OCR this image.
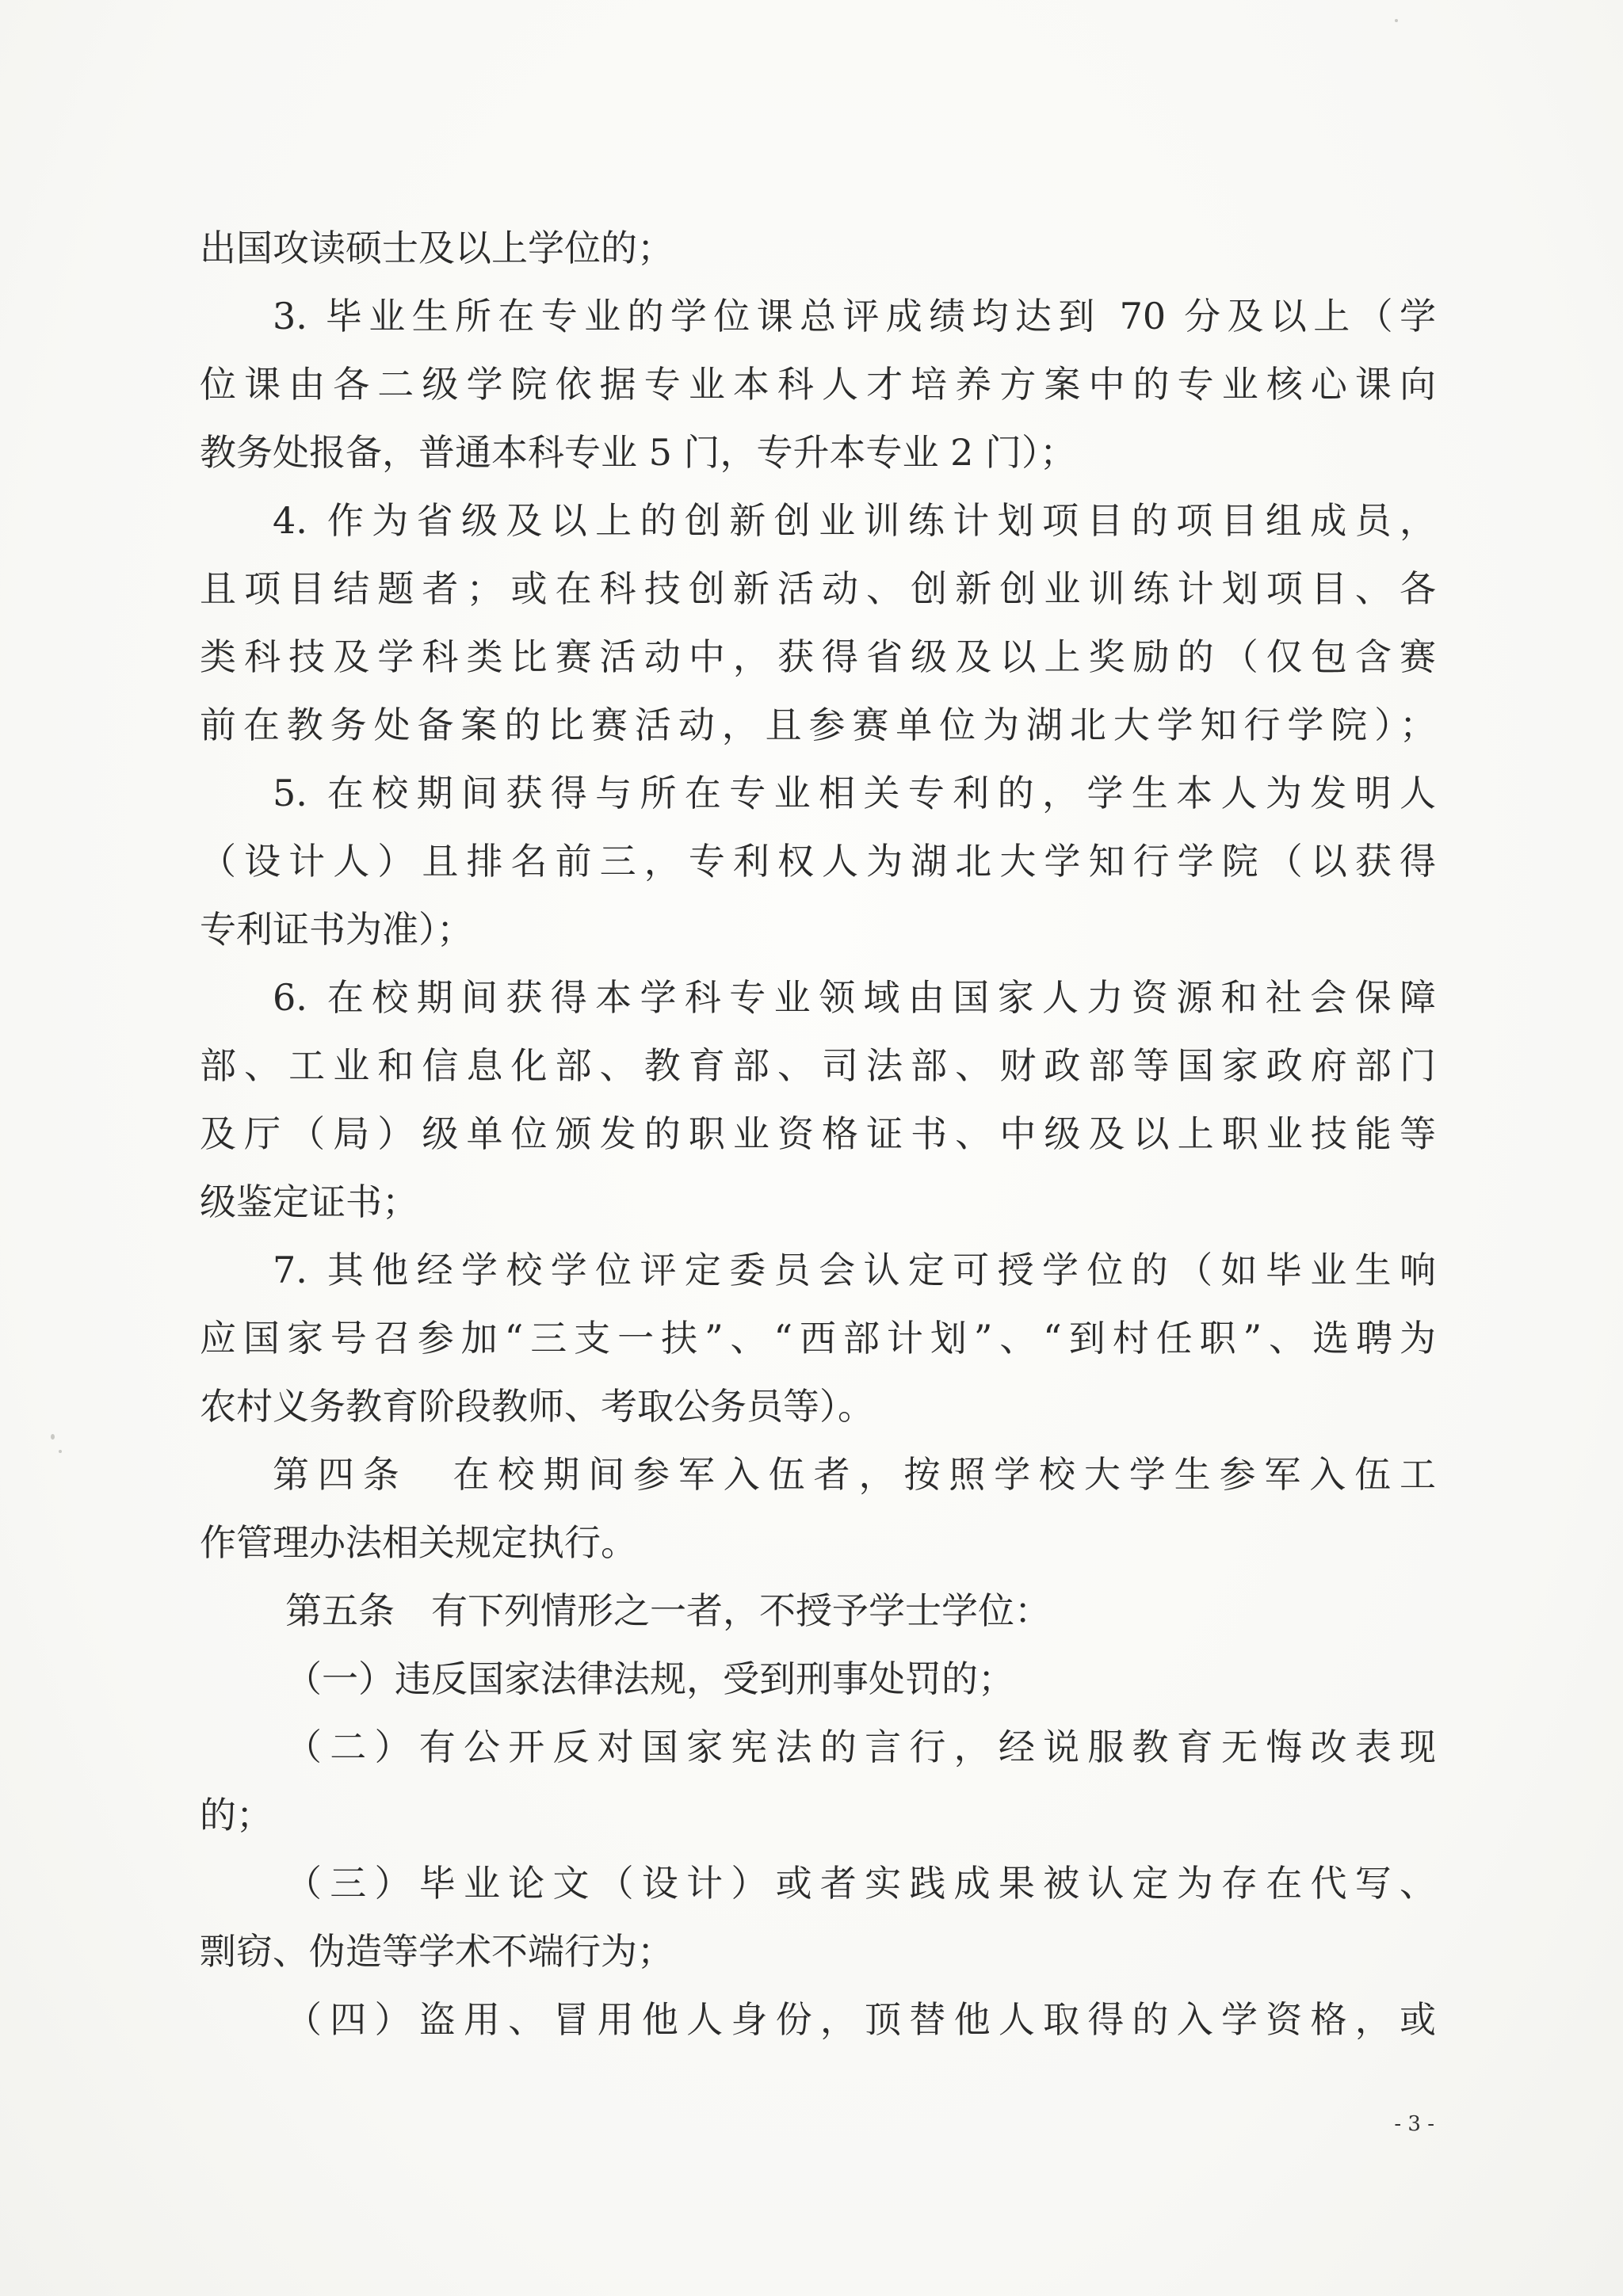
出国攻读硕士及以上学位的；
3. 毕业生所在专业的学位课总评成绩均达到 70 分及以上（学
位课由各二级学院依据专业本科人才培养方案中的专业核心课向
教务处报备，普通本科专业 5 门，专升本专业 2 门）；
4. 作为省级及以上的创新创业训练计划项目的项目组成员，
且项目结题者；或在科技创新活动、创新创业训练计划项目、各
类科技及学科类比赛活动中，获得省级及以上奖励的（仅包含赛
前在教务处备案的比赛活动，且参赛单位为湖北大学知行学院）；
5. 在校期间获得与所在专业相关专利的，学生本人为发明人
（设计人）且排名前三，专利权人为湖北大学知行学院（以获得
专利证书为准）；
6. 在校期间获得本学科专业领域由国家人力资源和社会保障
部、工业和信息化部、教育部、司法部、财政部等国家政府部门
及厅（局）级单位颁发的职业资格证书、中级及以上职业技能等
级鉴定证书；
7. 其他经学校学位评定委员会认定可授学位的（如毕业生响
应国家号召参加“三支一扶”、“西部计划”、“到村任职”、选聘为
农村义务教育阶段教师、考取公务员等）。
第四条　在校期间参军入伍者，按照学校大学生参军入伍工
作管理办法相关规定执行。
第五条　有下列情形之一者，不授予学士学位：
（一）违反国家法律法规，受到刑事处罚的；
（二）有公开反对国家宪法的言行，经说服教育无悔改表现
的；
（三）毕业论文（设计）或者实践成果被认定为存在代写、
剽窃、伪造等学术不端行为；
（四）盗用、冒用他人身份，顶替他人取得的入学资格，或
- 3 -
